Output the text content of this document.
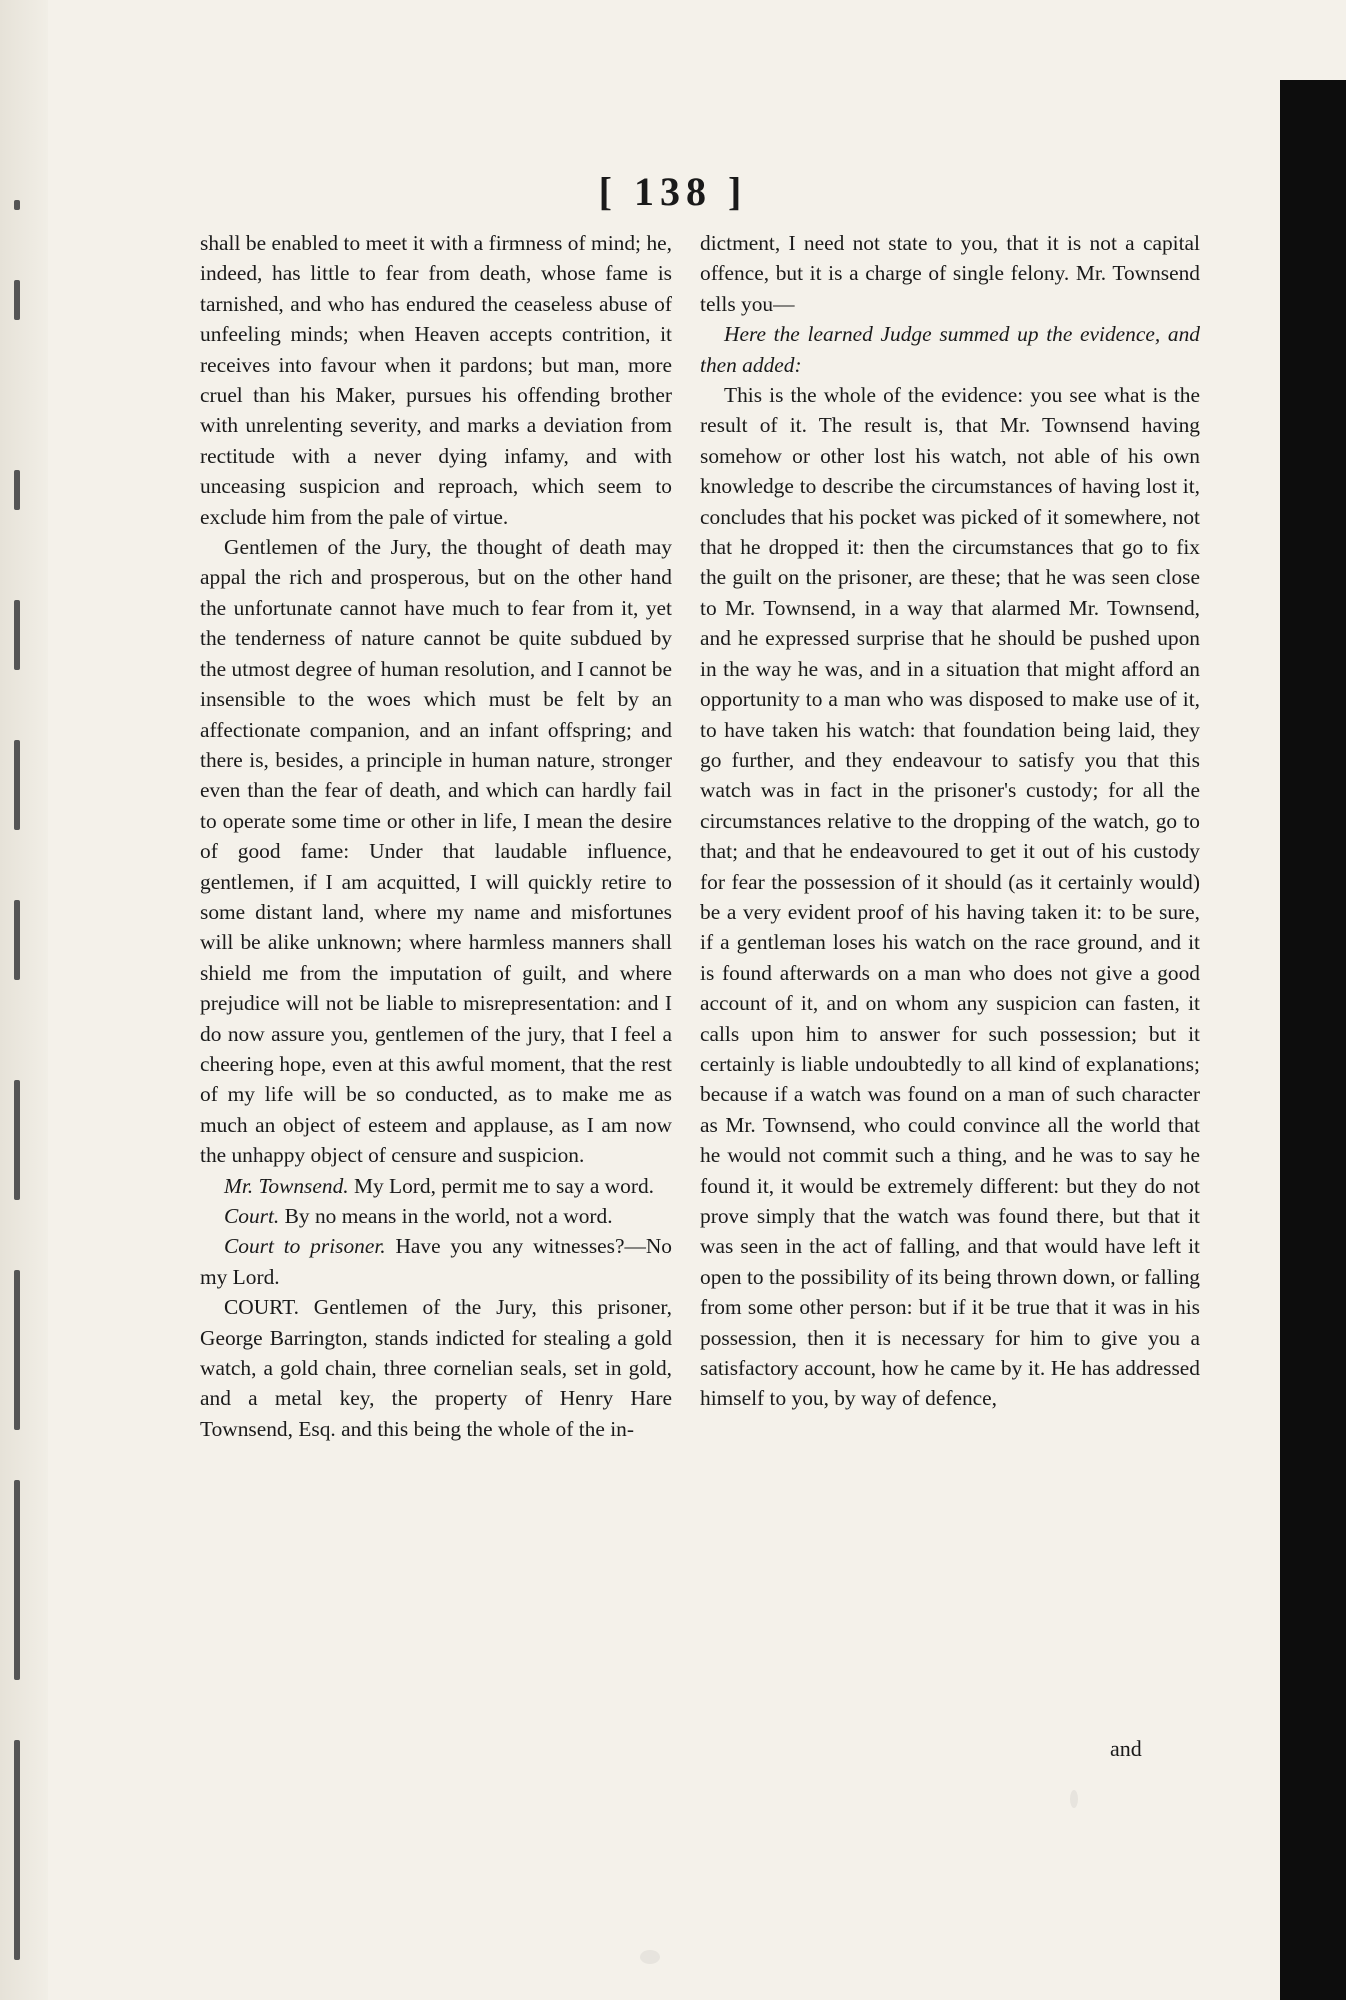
[ 138 ]

shall be enabled to meet it with a firmness of mind; he, indeed, has little to fear from death, whose fame is tarnished, and who has endured the ceaseless abuse of unfeeling minds; when Heaven accepts contrition, it receives into favour when it pardons; but man, more cruel than his Maker, pursues his offending brother with unrelenting severity, and marks a deviation from rectitude with a never dying infamy, and with unceasing suspicion and reproach, which seem to exclude him from the pale of virtue.

Gentlemen of the Jury, the thought of death may appal the rich and prosperous, but on the other hand the unfortunate cannot have much to fear from it, yet the tenderness of nature cannot be quite subdued by the utmost degree of human resolution, and I cannot be insensible to the woes which must be felt by an affectionate companion, and an infant offspring; and there is, besides, a principle in human nature, stronger even than the fear of death, and which can hardly fail to operate some time or other in life, I mean the desire of good fame: Under that laudable influence, gentlemen, if I am acquitted, I will quickly retire to some distant land, where my name and misfortunes will be alike unknown; where harmless manners shall shield me from the imputation of guilt, and where prejudice will not be liable to misrepresentation: and I do now assure you, gentlemen of the jury, that I feel a cheering hope, even at this awful moment, that the rest of my life will be so conducted, as to make me as much an object of esteem and applause, as I am now the unhappy object of censure and suspicion.

Mr. Townsend. My Lord, permit me to say a word.

Court. By no means in the world, not a word.

Court to prisoner. Have you any witnesses?—No my Lord.

COURT. Gentlemen of the Jury, this prisoner, George Barrington, stands indicted for stealing a gold watch, a gold chain, three cornelian seals, set in gold, and a metal key, the property of Henry Hare Townsend, Esq. and this being the whole of the in-

dictment, I need not state to you, that it is not a capital offence, but it is a charge of single felony. Mr. Townsend tells you—

Here the learned Judge summed up the evidence, and then added:

This is the whole of the evidence: you see what is the result of it. The result is, that Mr. Townsend having somehow or other lost his watch, not able of his own knowledge to describe the circumstances of having lost it, concludes that his pocket was picked of it somewhere, not that he dropped it: then the circumstances that go to fix the guilt on the prisoner, are these; that he was seen close to Mr. Townsend, in a way that alarmed Mr. Townsend, and he expressed surprise that he should be pushed upon in the way he was, and in a situation that might afford an opportunity to a man who was disposed to make use of it, to have taken his watch: that foundation being laid, they go further, and they endeavour to satisfy you that this watch was in fact in the prisoner's custody; for all the circumstances relative to the dropping of the watch, go to that; and that he endeavoured to get it out of his custody for fear the possession of it should (as it certainly would) be a very evident proof of his having taken it: to be sure, if a gentleman loses his watch on the race ground, and it is found afterwards on a man who does not give a good account of it, and on whom any suspicion can fasten, it calls upon him to answer for such possession; but it certainly is liable undoubtedly to all kind of explanations; because if a watch was found on a man of such character as Mr. Townsend, who could convince all the world that he would not commit such a thing, and he was to say he found it, it would be extremely different: but they do not prove simply that the watch was found there, but that it was seen in the act of falling, and that would have left it open to the possibility of its being thrown down, or falling from some other person: but if it be true that it was in his possession, then it is necessary for him to give you a satisfactory account, how he came by it. He has addressed himself to you, by way of defence,

and
